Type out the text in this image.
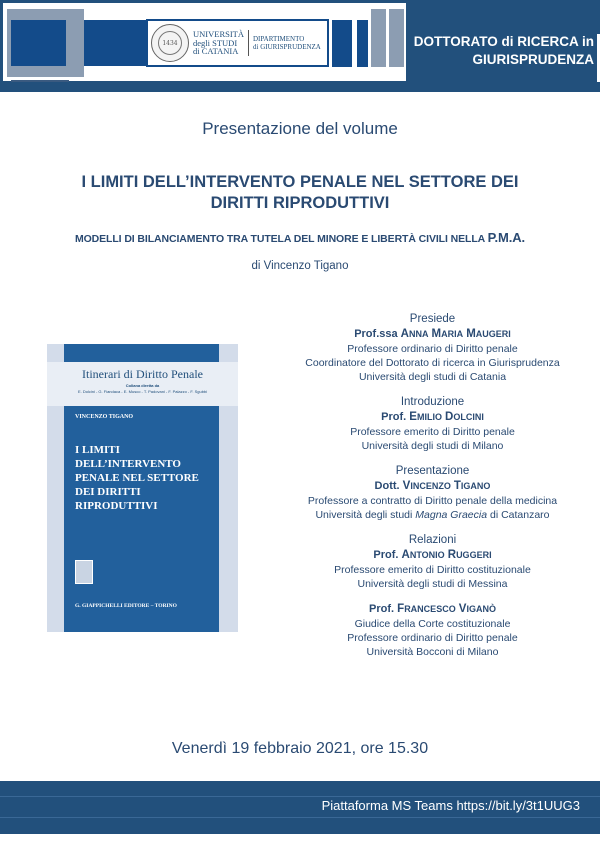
1434
UNIVERSITÀ
degli STUDI
di CATANIA
DIPARTIMENTO
di GIURISPRUDENZA	DOTTORATO di RICERCA in
GIURISPRUDENZA
Presentazione del volume
I LIMITI DELL’INTERVENTO PENALE NEL SETTORE DEI
DIRITTI RIPRODUTTIVI
MODELLI DI BILANCIAMENTO TRA TUTELA DEL MINORE E LIBERTÀ CIVILI NELLA P.M.A.
di Vincenzo Tigano
Itinerari di Diritto Penale
Collana diretta da
E. Dolcini - G. Fiandaca - E. Musco - T. Padovani - F. Palazzo - F. Sgubbi
VINCENZO TIGANO
I LIMITI DELL’INTERVENTO
PENALE NEL SETTORE
DEI DIRITTI RIPRODUTTIVI
G. GIAPPICHELLI EDITORE – TORINO
Presiede
Prof.ssa ANNA MARIA MAUGERI
Professore ordinario di Diritto penale
Coordinatore del Dottorato di ricerca in Giurisprudenza
Università degli studi di Catania
Introduzione
Prof. EMILIO DOLCINI
Professore emerito di Diritto penale
Università degli studi di Milano
Presentazione
Dott. VINCENZO TIGANO
Professore a contratto di Diritto penale della medicina
Università degli studi Magna Graecia di Catanzaro
Relazioni
Prof. ANTONIO RUGGERI
Professore emerito di Diritto costituzionale
Università degli studi di Messina
Prof. FRANCESCO VIGANÒ
Giudice della Corte costituzionale
Professore ordinario di Diritto penale
Università Bocconi di Milano
Venerdì 19 febbraio 2021, ore 15.30
Piattaforma MS Teams https://bit.ly/3t1UUG3
